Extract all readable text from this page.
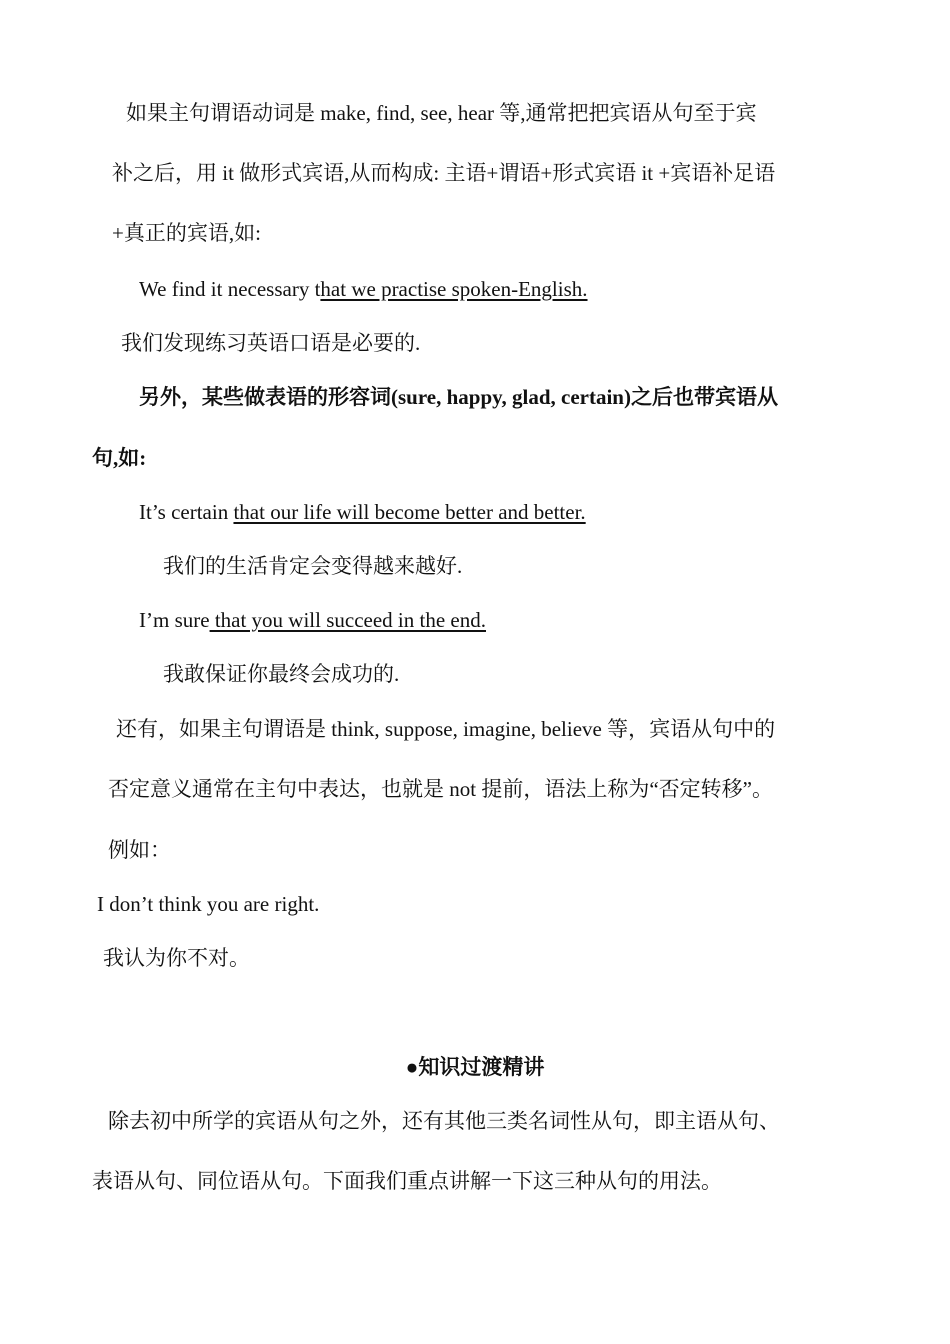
如果主句谓语动词是 make, find, see, hear 等,通常把把宾语从句至于宾
补之后，用 it 做形式宾语,从而构成: 主语+谓语+形式宾语 it +宾语补足语
+真正的宾语,如:
We find it necessary that we practise spoken-English.
我们发现练习英语口语是必要的.
另外，某些做表语的形容词(sure, happy, glad, certain)之后也带宾语从
句,如:
It’s certain that our life will become better and better.
我们的生活肯定会变得越来越好.
I’m sure that you will succeed in the end.
我敢保证你最终会成功的.
还有，如果主句谓语是 think, suppose, imagine, believe 等，宾语从句中的
否定意义通常在主句中表达，也就是 not 提前，语法上称为“否定转移”。
例如：
I don’t think you are right.
我认为你不对。
●知识过渡精讲
除去初中所学的宾语从句之外，还有其他三类名词性从句，即主语从句、
表语从句、同位语从句。下面我们重点讲解一下这三种从句的用法。
